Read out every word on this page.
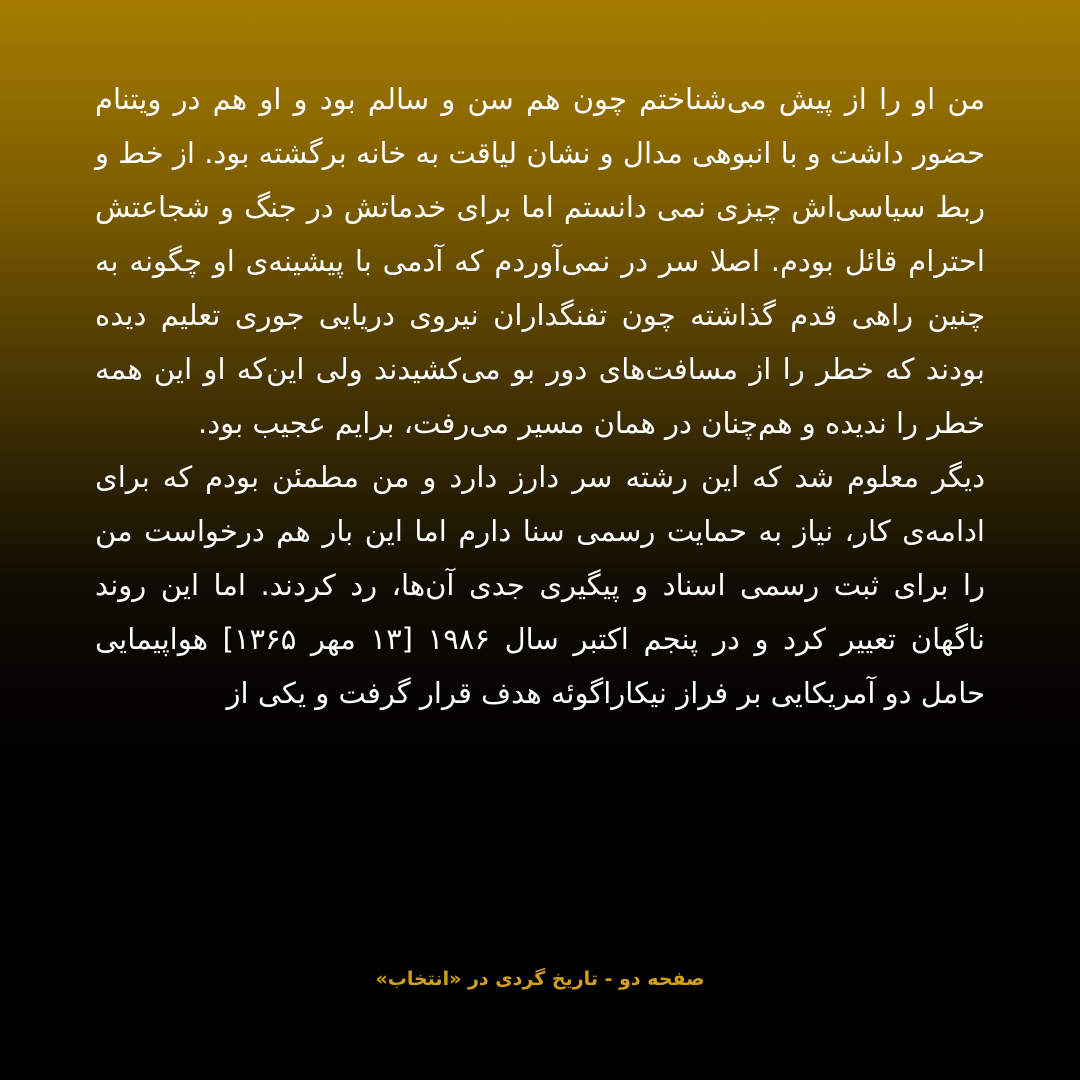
من او را از پیش می‌شناختم چون هم سن و سالم بود و او هم در ویتنام حضور داشت و با انبوهی مدال و نشان لیاقت به خانه برگشته بود. از خط و ربط سیاسی‌اش چیزی نمی دانستم اما برای خدماتش در جنگ و شجاعتش احترام قائل بودم. اصلا سر در نمی‌آوردم که آدمی با پیشینه‌ی او چگونه به چنین راهی قدم گذاشته چون تفنگداران نیروی دریایی جوری تعلیم دیده بودند که خطر را از مسافت‌های دور بو می‌کشیدند ولی این‌که او این همه خطر را ندیده و هم‌چنان در همان مسیر می‌رفت، برایم عجیب بود.

دیگر معلوم شد که این رشته سر دارز دارد و من مطمئن بودم که برای ادامه‌ی کار، نیاز به حمایت رسمی سنا دارم اما این بار هم درخواست من را برای ثبت رسمی اسناد و پیگیری جدی آن‌ها، رد کردند. اما این روند ناگهان تعییر کرد و در پنجم اکتبر سال ۱۹۸۶ [۱۳ مهر ۱۳۶۵] هواپیمایی حامل دو آمریکایی بر فراز نیکاراگوئه هدف قرار گرفت و یکی از

صفحه دو - تاریخ گردی در «انتخاب»
